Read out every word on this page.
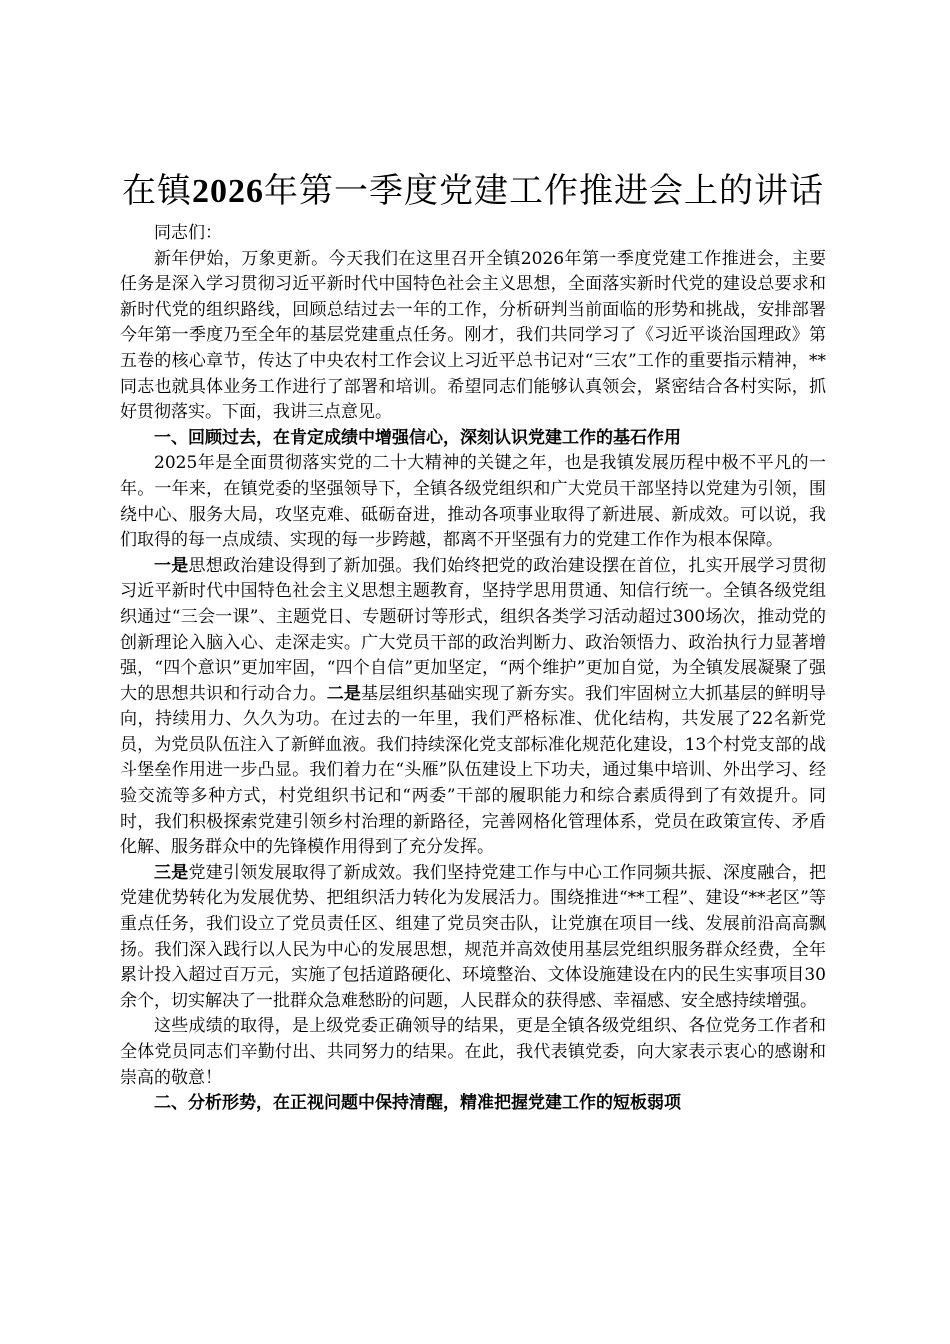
在镇2026年第一季度党建工作推进会上的讲话

同志们：

新年伊始，万象更新。今天我们在这里召开全镇2026年第一季度党建工作推进会，主要任务是深入学习贯彻习近平新时代中国特色社会主义思想，全面落实新时代党的建设总要求和新时代党的组织路线，回顾总结过去一年的工作，分析研判当前面临的形势和挑战，安排部署今年第一季度乃至全年的基层党建重点任务。刚才，我们共同学习了《习近平谈治国理政》第五卷的核心章节，传达了中央农村工作会议上习近平总书记对“三农”工作的重要指示精神，**同志也就具体业务工作进行了部署和培训。希望同志们能够认真领会，紧密结合各村实际，抓好贯彻落实。下面，我讲三点意见。

一、回顾过去，在肯定成绩中增强信心，深刻认识党建工作的基石作用

2025年是全面贯彻落实党的二十大精神的关键之年，也是我镇发展历程中极不平凡的一年。一年来，在镇党委的坚强领导下，全镇各级党组织和广大党员干部坚持以党建为引领，围绕中心、服务大局，攻坚克难、砥砺奋进，推动各项事业取得了新进展、新成效。可以说，我们取得的每一点成绩、实现的每一步跨越，都离不开坚强有力的党建工作作为根本保障。

一是思想政治建设得到了新加强。我们始终把党的政治建设摆在首位，扎实开展学习贯彻习近平新时代中国特色社会主义思想主题教育，坚持学思用贯通、知信行统一。全镇各级党组织通过“三会一课”、主题党日、专题研讨等形式，组织各类学习活动超过300场次，推动党的创新理论入脑入心、走深走实。广大党员干部的政治判断力、政治领悟力、政治执行力显著增强，“四个意识”更加牢固，“四个自信”更加坚定，“两个维护”更加自觉，为全镇发展凝聚了强大的思想共识和行动合力。二是基层组织基础实现了新夯实。我们牢固树立大抓基层的鲜明导向，持续用力、久久为功。在过去的一年里，我们严格标准、优化结构，共发展了22名新党员，为党员队伍注入了新鲜血液。我们持续深化党支部标准化规范化建设，13个村党支部的战斗堡垒作用进一步凸显。我们着力在“头雁”队伍建设上下功夫，通过集中培训、外出学习、经验交流等多种方式，村党组织书记和“两委”干部的履职能力和综合素质得到了有效提升。同时，我们积极探索党建引领乡村治理的新路径，完善网格化管理体系，党员在政策宣传、矛盾化解、服务群众中的先锋模作用得到了充分发挥。

三是党建引领发展取得了新成效。我们坚持党建工作与中心工作同频共振、深度融合，把党建优势转化为发展优势、把组织活力转化为发展活力。围绕推进“**工程”、建设“**老区”等重点任务，我们设立了党员责任区、组建了党员突击队，让党旗在项目一线、发展前沿高高飘扬。我们深入践行以人民为中心的发展思想，规范并高效使用基层党组织服务群众经费，全年累计投入超过百万元，实施了包括道路硬化、环境整治、文体设施建设在内的民生实事项目30余个，切实解决了一批群众急难愁盼的问题，人民群众的获得感、幸福感、安全感持续增强。

这些成绩的取得，是上级党委正确领导的结果，更是全镇各级党组织、各位党务工作者和全体党员同志们辛勤付出、共同努力的结果。在此，我代表镇党委，向大家表示衷心的感谢和崇高的敬意！

二、分析形势，在正视问题中保持清醒，精准把握党建工作的短板弱项
